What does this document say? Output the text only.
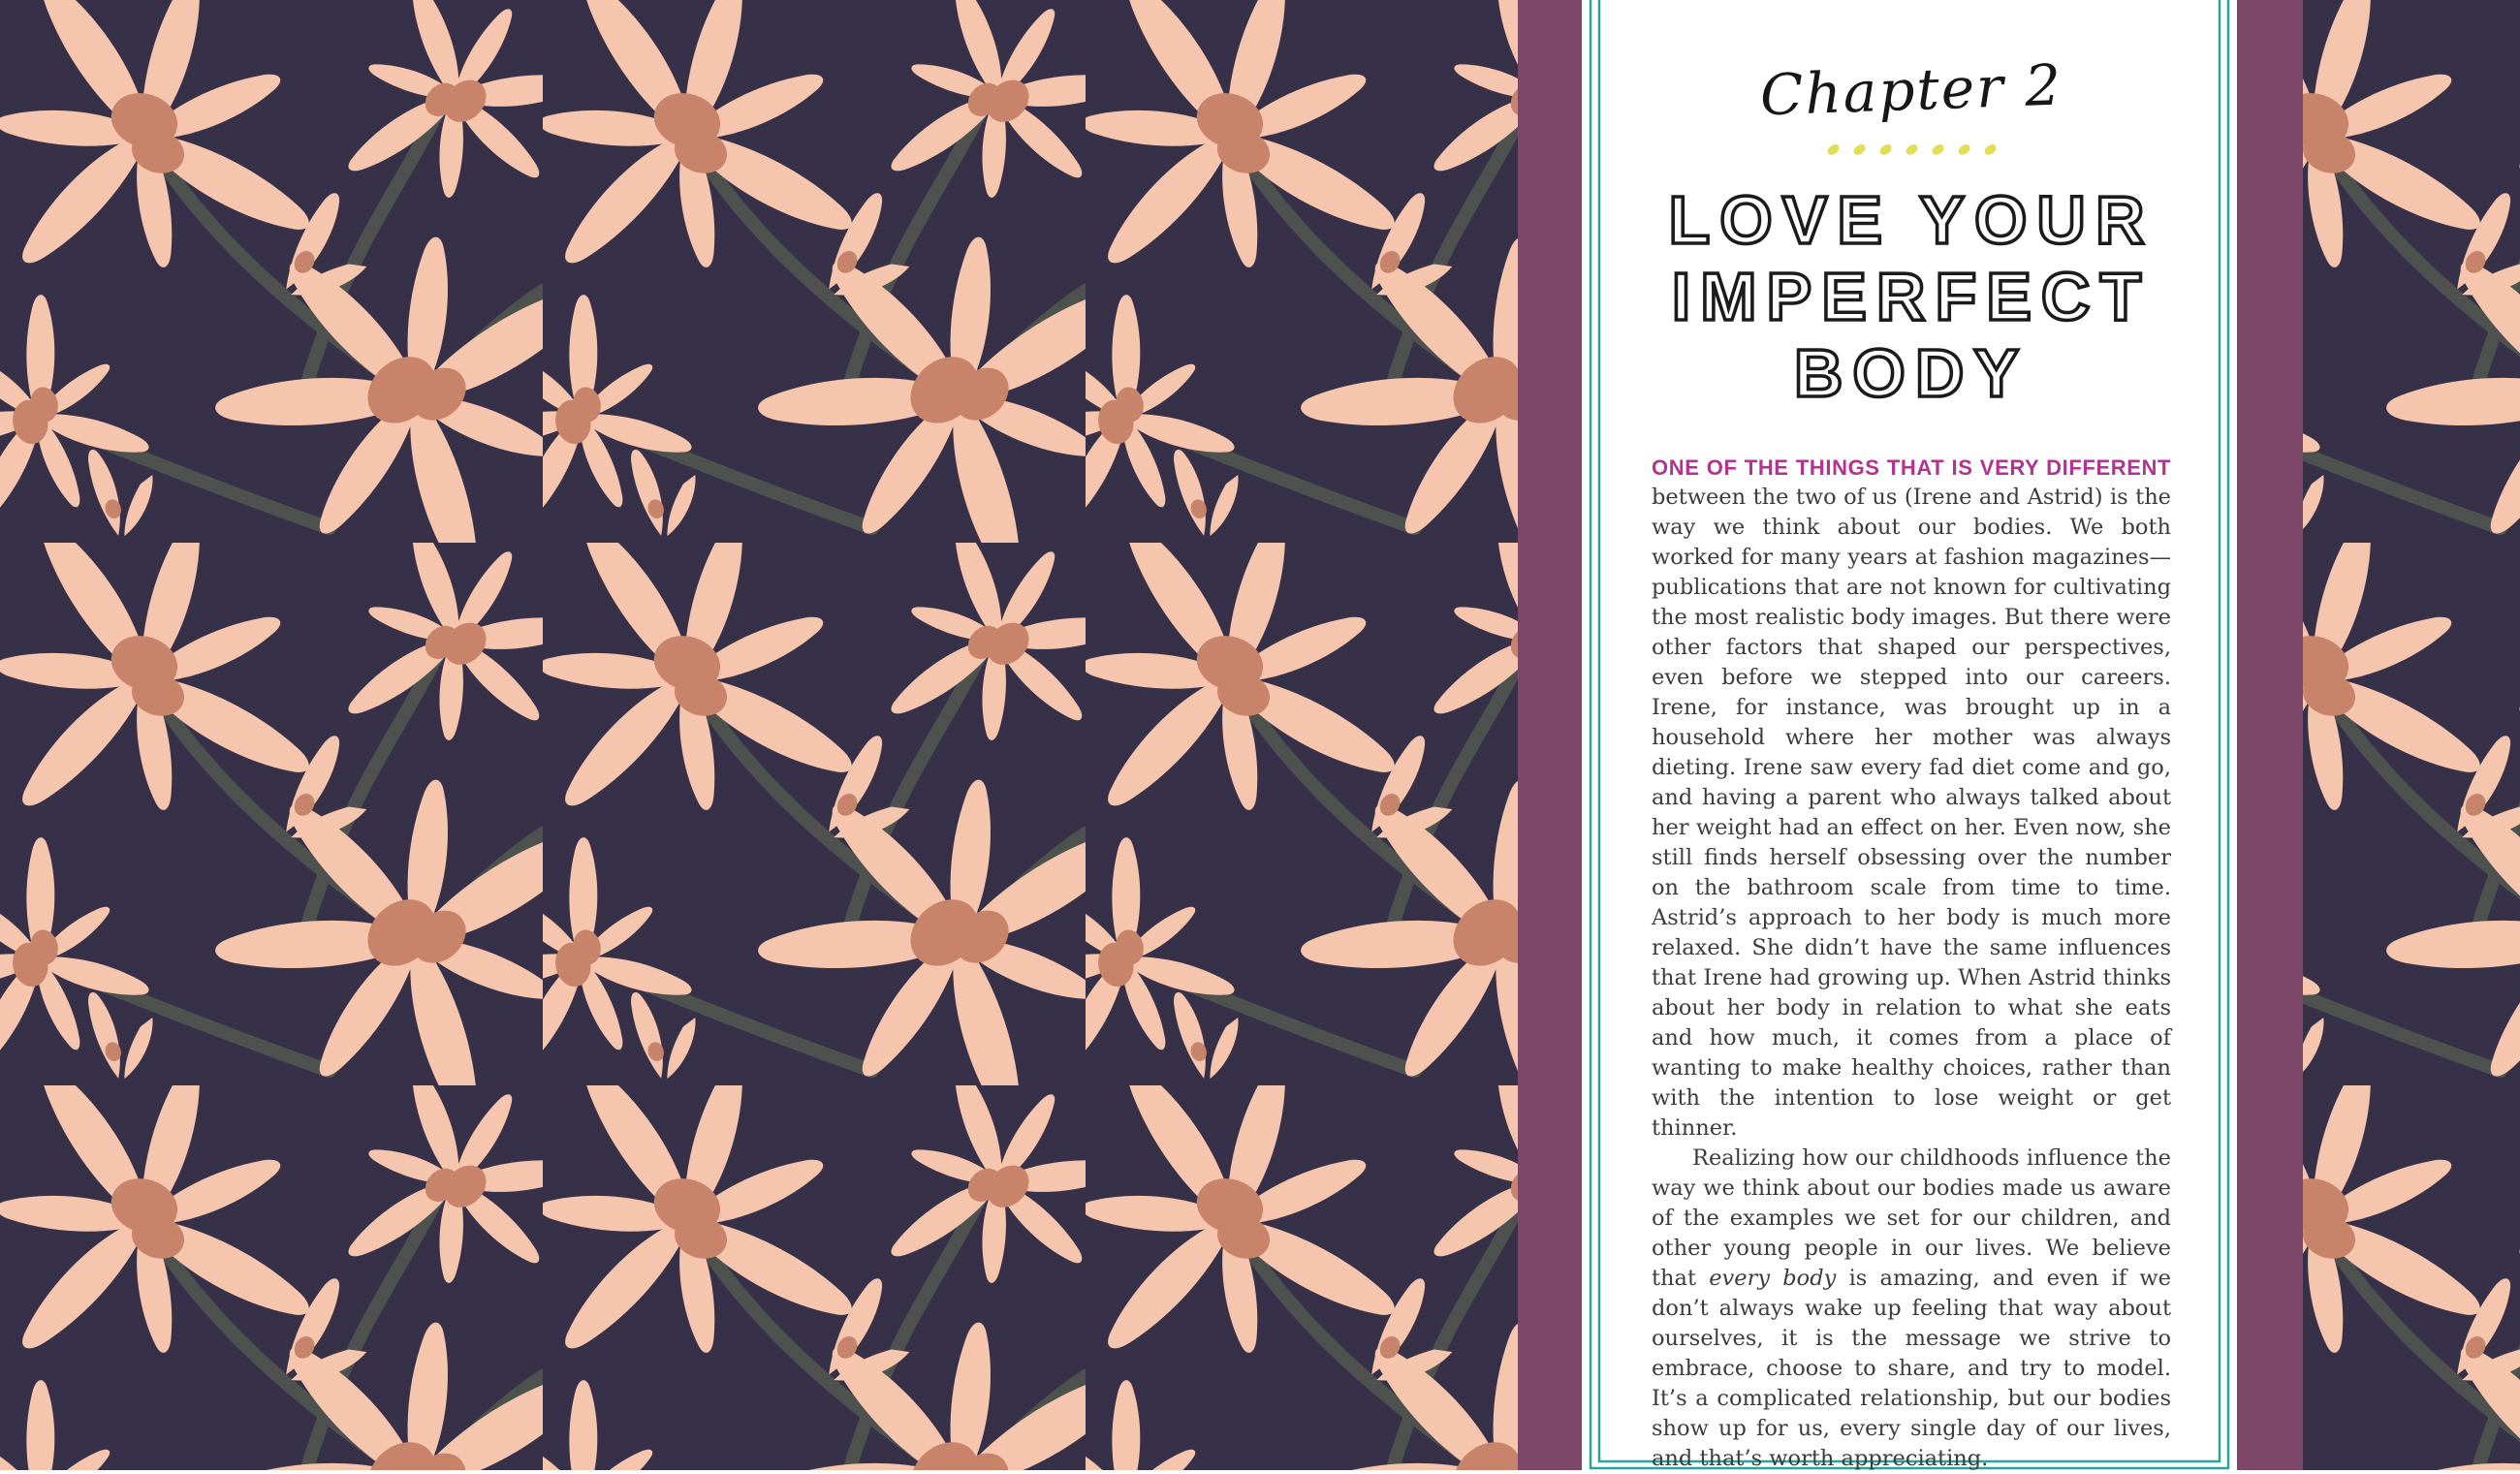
Chapter 2
LOVE YOUR
IMPERFECT
BODY

ONE OF THE THINGS THAT IS VERY DIFFERENT

between the two of us (Irene and Astrid) is the way we think about our bodies. We both worked for many years at fashion magazines—publications that are not known for cultivating the most realistic body images. But there were other factors that shaped our perspectives, even before we stepped into our careers. Irene, for instance, was brought up in a household where her mother was always dieting. Irene saw every fad diet come and go, and having a parent who always talked about her weight had an effect on her. Even now, she still finds herself obsessing over the number on the bathroom scale from time to time. Astrid’s approach to her body is much more relaxed. She didn’t have the same influences that Irene had growing up. When Astrid thinks about her body in relation to what she eats and how much, it comes from a place of wanting to make healthy choices, rather than with the intention to lose weight or get thinner.

Realizing how our childhoods influence the way we think about our bodies made us aware of the examples we set for our children, and other young people in our lives. We believe that every body is amazing, and even if we don’t always wake up feeling that way about ourselves, it is the message we strive to embrace, choose to share, and try to model. It’s a complicated relationship, but our bodies show up for us, every single day of our lives, and that’s worth appreciating.
